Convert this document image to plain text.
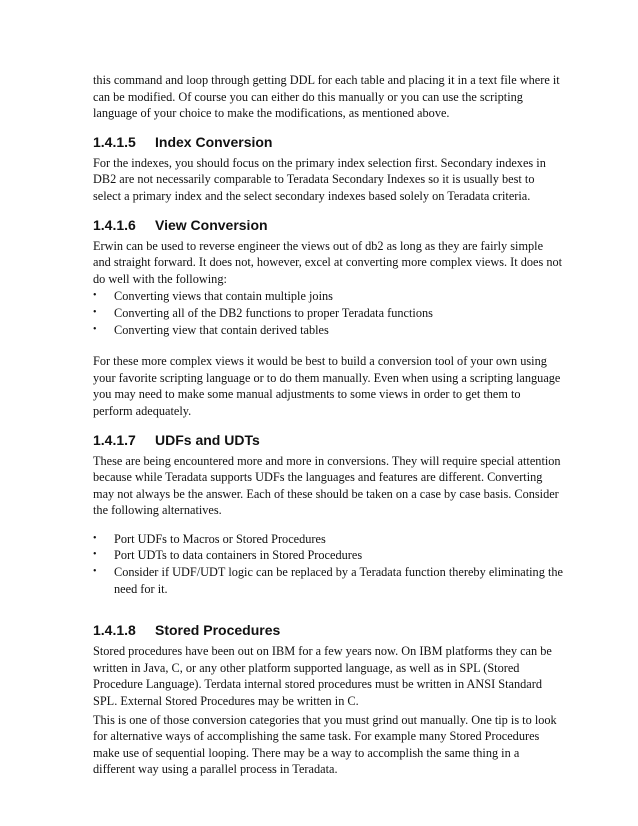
this command and loop through getting DDL for each table and placing it in a text file where it can be modified. Of course you can either do this manually or you can use the scripting language of your choice to make the modifications, as mentioned above.

1.4.1.5 Index Conversion

For the indexes, you should focus on the primary index selection first. Secondary indexes in DB2 are not necessarily comparable to Teradata Secondary Indexes so it is usually best to select a primary index and the select secondary indexes based solely on Teradata criteria.

1.4.1.6 View Conversion

Erwin can be used to reverse engineer the views out of db2 as long as they are fairly simple and straight forward. It does not, however, excel at converting more complex views. It does not do well with the following:

• Converting views that contain multiple joins
• Converting all of the DB2 functions to proper Teradata functions
• Converting view that contain derived tables

For these more complex views it would be best to build a conversion tool of your own using your favorite scripting language or to do them manually. Even when using a scripting language you may need to make some manual adjustments to some views in order to get them to perform adequately.

1.4.1.7 UDFs and UDTs

These are being encountered more and more in conversions. They will require special attention because while Teradata supports UDFs the languages and features are different. Converting may not always be the answer. Each of these should be taken on a case by case basis. Consider the following alternatives.

• Port UDFs to Macros or Stored Procedures
• Port UDTs to data containers in Stored Procedures
• Consider if UDF/UDT logic can be replaced by a Teradata function thereby eliminating the need for it.
1.4.1.8 Stored Procedures

Stored procedures have been out on IBM for a few years now. On IBM platforms they can be written in Java, C, or any other platform supported language, as well as in SPL (Stored Procedure Language). Terdata internal stored procedures must be written in ANSI Standard SPL. External Stored Procedures may be written in C.

This is one of those conversion categories that you must grind out manually. One tip is to look for alternative ways of accomplishing the same task. For example many Stored Procedures make use of sequential looping. There may be a way to accomplish the same thing in a different way using a parallel process in Teradata.
